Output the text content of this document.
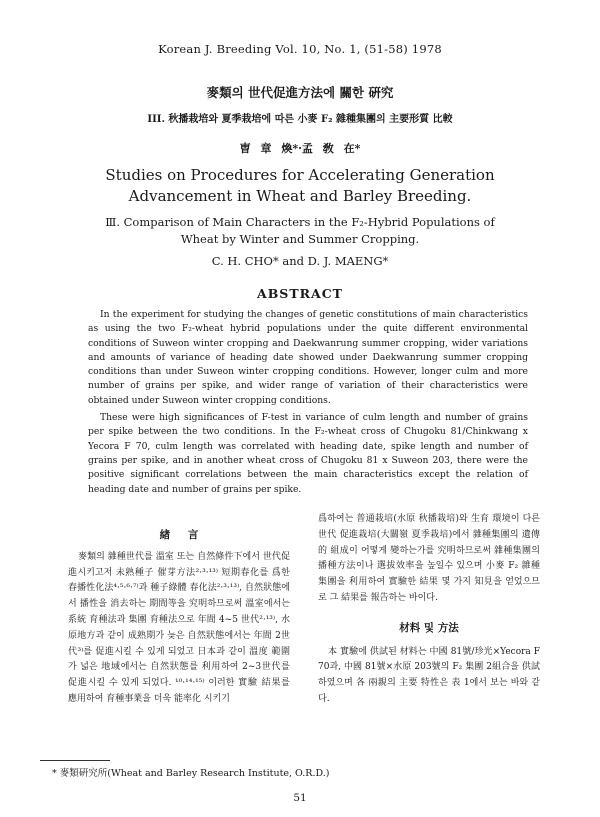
Korean J. Breeding Vol. 10, No. 1, (51-58) 1978
麥類의 世代促進方法에 關한 硏究
III. 秋播栽培와 夏季栽培에 따른 小麥 F₂ 雜種集團의 主要形質 比較
曺 章 煥*·孟 敎 在*
Studies on Procedures for Accelerating Generation
Advancement in Wheat and Barley Breeding.
Ⅲ. Comparison of Main Characters in the F₂-Hybrid Populations of
Wheat by Winter and Summer Cropping.
C. H. CHO* and D. J. MAENG*
ABSTRACT

In the experiment for studying the changes of genetic constitutions of main characteristics as using the two F₂-wheat hybrid populations under the quite different environmental conditions of Suweon winter cropping and Daekwanrung summer cropping, wider variations and amounts of variance of heading date showed under Daekwanrung summer cropping conditions than under Suweon winter cropping conditions. However, longer culm and more number of grains per spike, and wider range of variation of their characteristics were obtained under Suweon winter cropping conditions.

These were high significances of F-test in variance of culm length and number of grains per spike between the two conditions. In the F₂-wheat cross of Chugoku 81/Chinkwang x Yecora F 70, culm length was correlated with heading date, spike length and number of grains per spike, and in another wheat cross of Chugoku 81 x Suweon 203, there were the positive significant correlations between the main characteristics except the relation of heading date and number of grains per spike.

緖 言

麥類의 雜種世代를 溫室 또는 自然條件下에서 世代促進시키고저 未熟種子 催芽方法²·³·¹³⁾ 短期春化를 爲한 春播性化法⁴·⁵·⁶·⁷⁾과 種子綠體 春化法²·³·¹³⁾, 自然狀態에서 播性을 消去하는 期間等을 究明하므로써 溫室에서는 系統 育種法과 集團 育種法으로 年間 4~5 世代²·¹³⁾, 水原地方과 같이 成熟期가 늦은 自然狀態에서는 年間 2世代³⁾를 促進시킬 수 있게 되었고 日本과 같이 溫度 範圍가 넓은 地域에서는 自然狀態를 利用하여 2~3世代를 促進시킬 수 있게 되었다. ¹⁰·¹⁴·¹⁵⁾ 이러한 實驗 結果를 應用하여 育種事業을 더욱 能率化 시키기

爲하여는 普通栽培(水原 秋播栽培)와 生育 環境이 다른 世代 促進栽培(大關嶺 夏季栽培)에서 雜種集團의 遺傳的 組成이 어떻게 變하는가를 究明하므로써 雜種集團의 播種方法이나 選拔效率을 높일수 있으며 小麥 F₂ 雜種集團을 利用하여 實驗한 結果 몇 가지 知見을 얻었으므로 그 結果를 報告하는 바이다.

材料 및 方法

本 實驗에 供試된 材料는 中國 81號/珍光×Yecora F 70과, 中國 81號×水原 203號의 F₂ 集團 2組合을 供試하였으며 各 兩親의 主要 特性은 表 1에서 보는 바와 같다.

* 麥類硏究所(Wheat and Barley Research Institute, O.R.D.)
51
